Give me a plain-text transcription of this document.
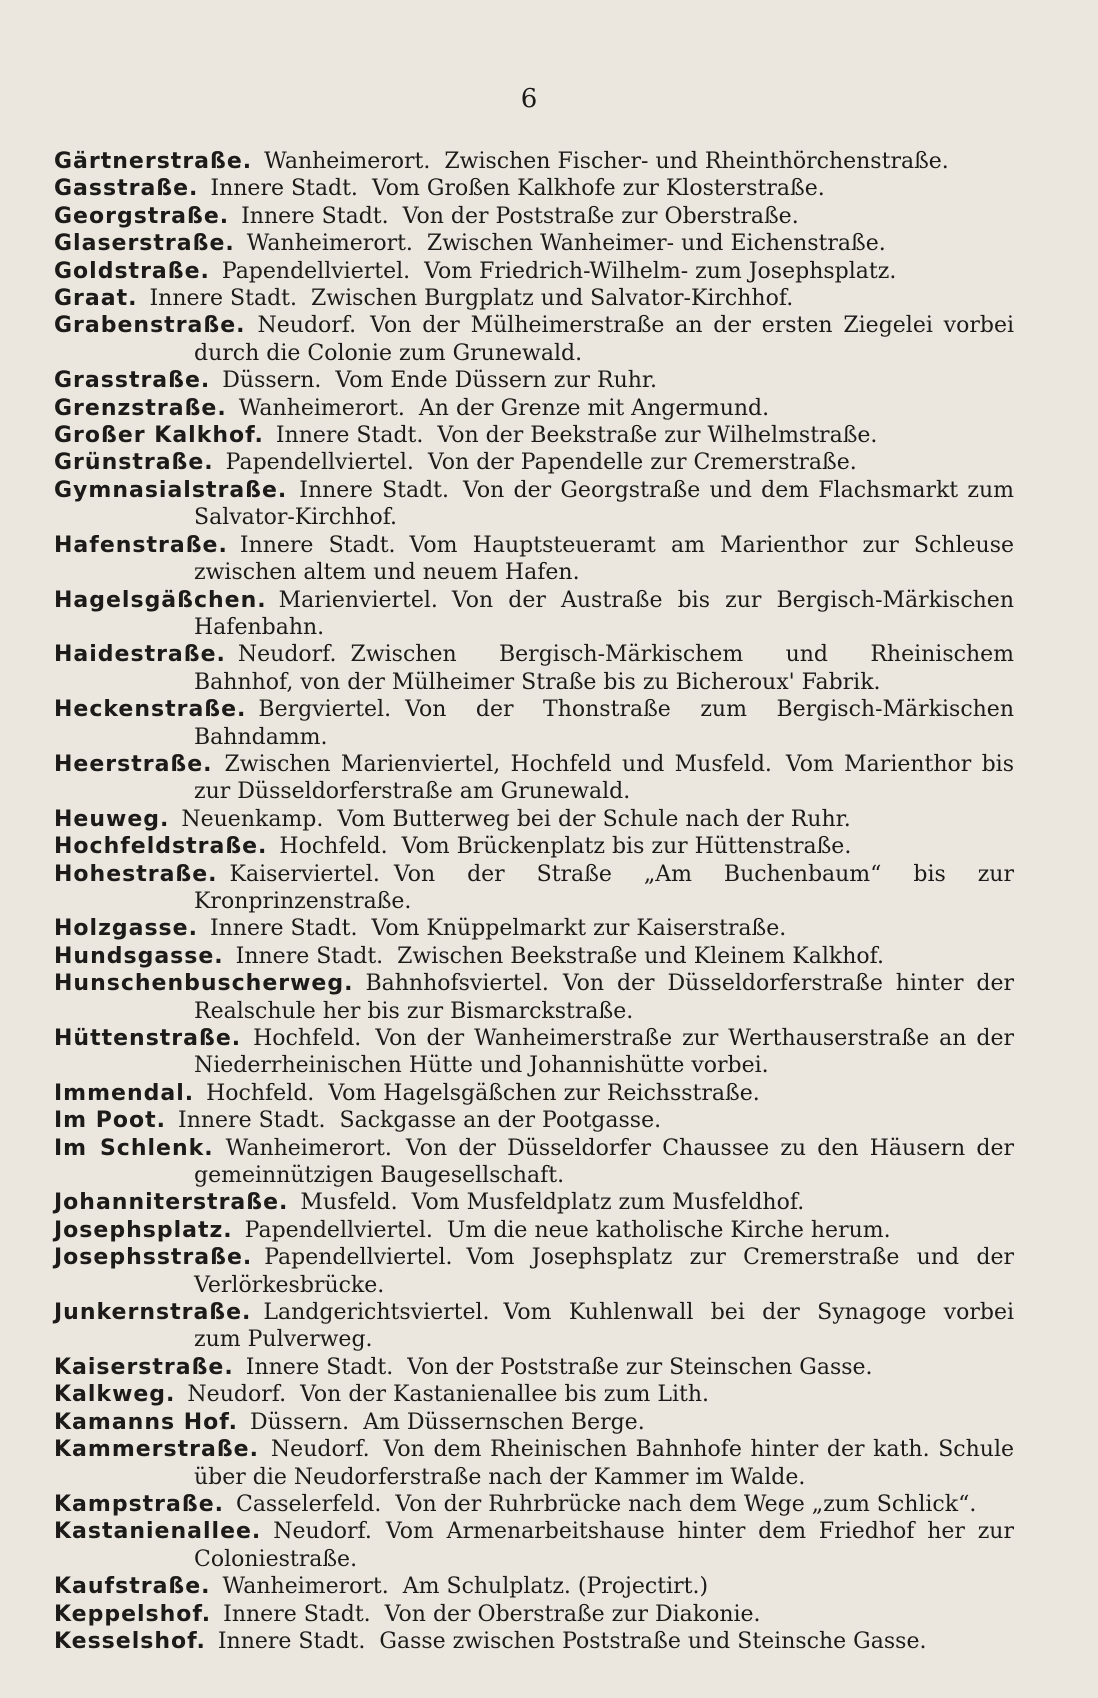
6
Gärtnerstraße. Wanheimerort. Zwischen Fischer- und Rheinthörchenstraße.
Gasstraße. Innere Stadt. Vom Großen Kalkhofe zur Klosterstraße.
Georgstraße. Innere Stadt. Von der Poststraße zur Oberstraße.
Glaserstraße. Wanheimerort. Zwischen Wanheimer- und Eichenstraße.
Goldstraße. Papendellviertel. Vom Friedrich-Wilhelm- zum Josephsplatz.
Graat. Innere Stadt. Zwischen Burgplatz und Salvator-Kirchhof.
Grabenstraße. Neudorf. Von der Mülheimerstraße an der ersten Ziegelei vorbei durch die Colonie zum Grunewald.
Grasstraße. Düssern. Vom Ende Düssern zur Ruhr.
Grenzstraße. Wanheimerort. An der Grenze mit Angermund.
Großer Kalkhof. Innere Stadt. Von der Beekstraße zur Wilhelmstraße.
Grünstraße. Papendellviertel. Von der Papendelle zur Cremerstraße.
Gymnasialstraße. Innere Stadt. Von der Georgstraße und dem Flachsmarkt zum Salvator-Kirchhof.
Hafenstraße. Innere Stadt. Vom Hauptsteueramt am Marienthor zur Schleuse zwischen altem und neuem Hafen.
Hagelsgäßchen. Marienviertel. Von der Austraße bis zur Bergisch-Märkischen Hafenbahn.
Haidestraße. Neudorf. Zwischen Bergisch-Märkischem und Rheinischem Bahnhof, von der Mülheimer Straße bis zu Bicheroux' Fabrik.
Heckenstraße. Bergviertel. Von der Thonstraße zum Bergisch-Märkischen Bahndamm.
Heerstraße. Zwischen Marienviertel, Hochfeld und Musfeld. Vom Marienthor bis zur Düsseldorferstraße am Grunewald.
Heuweg. Neuenkamp. Vom Butterweg bei der Schule nach der Ruhr.
Hochfeldstraße. Hochfeld. Vom Brückenplatz bis zur Hüttenstraße.
Hohestraße. Kaiserviertel. Von der Straße „Am Buchenbaum“ bis zur Kronprinzenstraße.
Holzgasse. Innere Stadt. Vom Knüppelmarkt zur Kaiserstraße.
Hundsgasse. Innere Stadt. Zwischen Beekstraße und Kleinem Kalkhof.
Hunschenbuscherweg. Bahnhofsviertel. Von der Düsseldorferstraße hinter der Realschule her bis zur Bismarckstraße.
Hüttenstraße. Hochfeld. Von der Wanheimerstraße zur Werthauserstraße an der Niederrheinischen Hütte und Johannishütte vorbei.
Immendal. Hochfeld. Vom Hagelsgäßchen zur Reichsstraße.
Im Poot. Innere Stadt. Sackgasse an der Pootgasse.
Im Schlenk. Wanheimerort. Von der Düsseldorfer Chaussee zu den Häusern der gemeinnützigen Baugesellschaft.
Johanniterstraße. Musfeld. Vom Musfeldplatz zum Musfeldhof.
Josephsplatz. Papendellviertel. Um die neue katholische Kirche herum.
Josephsstraße. Papendellviertel. Vom Josephsplatz zur Cremerstraße und der Verlörkesbrücke.
Junkernstraße. Landgerichtsviertel. Vom Kuhlenwall bei der Synagoge vorbei zum Pulverweg.
Kaiserstraße. Innere Stadt. Von der Poststraße zur Steinschen Gasse.
Kalkweg. Neudorf. Von der Kastanienallee bis zum Lith.
Kamanns Hof. Düssern. Am Düssernschen Berge.
Kammerstraße. Neudorf. Von dem Rheinischen Bahnhofe hinter der kath. Schule über die Neudorferstraße nach der Kammer im Walde.
Kampstraße. Casselerfeld. Von der Ruhrbrücke nach dem Wege „zum Schlick“.
Kastanienallee. Neudorf. Vom Armenarbeitshause hinter dem Friedhof her zur Coloniestraße.
Kaufstraße. Wanheimerort. Am Schulplatz. (Projectirt.)
Keppelshof. Innere Stadt. Von der Oberstraße zur Diakonie.
Kesselshof. Innere Stadt. Gasse zwischen Poststraße und Steinsche Gasse.
